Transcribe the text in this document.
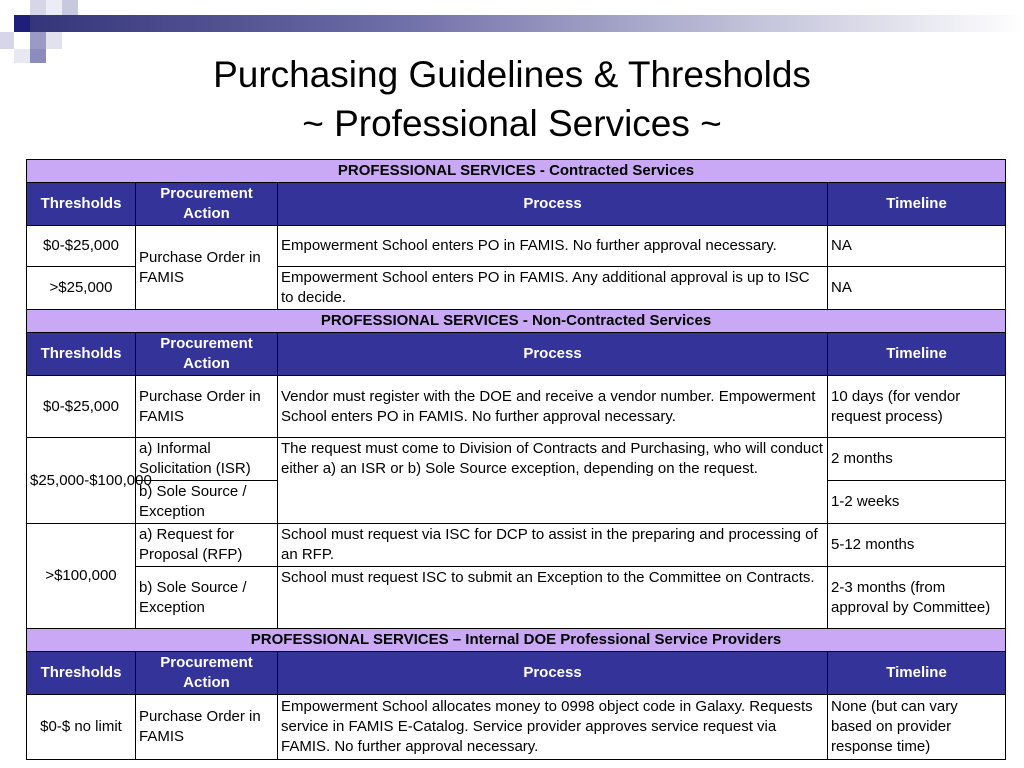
Purchasing Guidelines & Thresholds
~ Professional Services ~
PROFESSIONAL SERVICES - Contracted Services			
Thresholds	Procurement Action	Process	Timeline
$0-$25,000	Purchase Order in FAMIS	Empowerment School enters PO in FAMIS. No further approval necessary.	NA
>$25,000		Empowerment School enters PO in FAMIS. Any additional approval is up to ISC to decide.	NA
PROFESSIONAL SERVICES - Non-Contracted Services			
Thresholds	Procurement Action	Process	Timeline
$0-$25,000	Purchase Order in FAMIS	Vendor must register with the DOE and receive a vendor number. Empowerment School enters PO in FAMIS. No further approval necessary.	10 days (for vendor request process)
$25,000-$100,000	a) Informal Solicitation (ISR)	The request must come to Division of Contracts and Purchasing, who will conduct either a) an ISR or b) Sole Source exception, depending on the request.	2 months
	b) Sole Source / Exception		1-2 weeks
>$100,000	a) Request for Proposal (RFP)	School must request via ISC for DCP to assist in the preparing and processing of an RFP.	5-12 months
	b) Sole Source / Exception	School must request ISC to submit an Exception to the Committee on Contracts.	2-3 months (from approval by Committee)
PROFESSIONAL SERVICES – Internal DOE Professional Service Providers			
Thresholds	Procurement Action	Process	Timeline
$0-$ no limit	Purchase Order in FAMIS	Empowerment School allocates money to 0998 object code in Galaxy. Requests service in FAMIS E-Catalog. Service provider approves service request via FAMIS. No further approval necessary.	None (but can vary based on provider response time)
